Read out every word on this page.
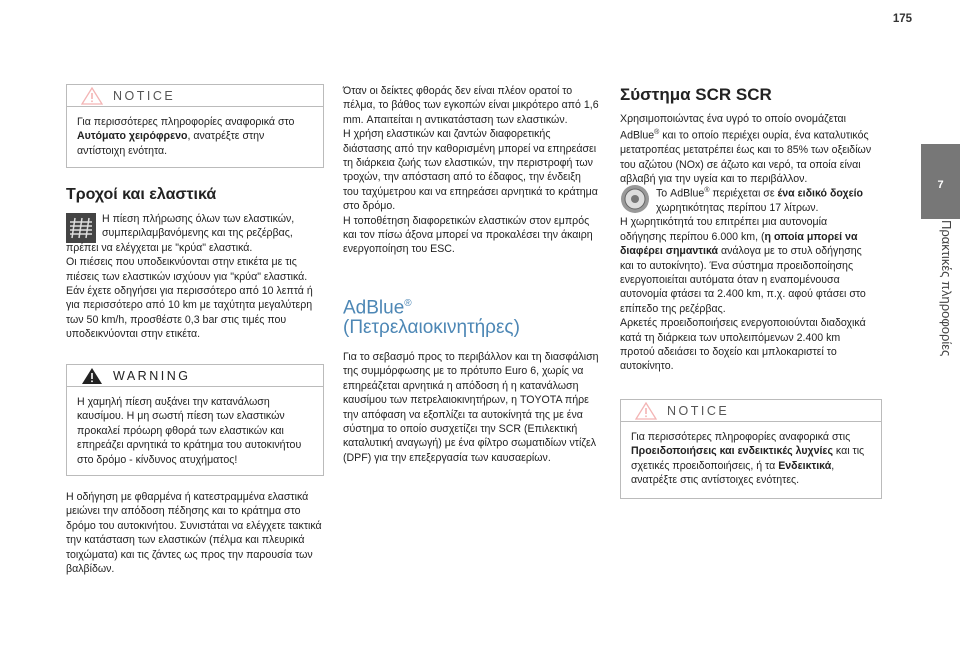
175
7
Πρακτικές πληροφορίες
NOTICE
Για περισσότερες πληροφορίες αναφορικά στο Αυτόματο χειρόφρενο, ανατρέξτε στην αντίστοιχη ενότητα.
Τροχοί και ελαστικά

Η πίεση πλήρωσης όλων των ελαστικών,

συμπεριλαμβανόμενης και της ρεζέρβας,

πρέπει να ελέγχεται με "κρύα" ελαστικά.

Οι πιέσεις που υποδεικνύονται στην ετικέτα με τις

πιέσεις των ελαστικών ισχύουν για "κρύα" ελαστικά.

Εάν έχετε οδηγήσει για περισσότερο από 10 λεπτά ή

για περισσότερο από 10 km με ταχύτητα μεγαλύτερη

των 50 km/h, προσθέστε 0,3 bar στις τιμές που

υποδεικνύονται στην ετικέτα.

WARNING

Η χαμηλή πίεση αυξάνει την κατανάλωση

καυσίμου. Η μη σωστή πίεση των ελαστικών

προκαλεί πρόωρη φθορά των ελαστικών και

επηρεάζει αρνητικά το κράτημα του αυτοκινήτου

στο δρόμο - κίνδυνος ατυχήματος!

Η οδήγηση με φθαρμένα ή κατεστραμμένα ελαστικά

μειώνει την απόδοση πέδησης και το κράτημα στο

δρόμο του αυτοκινήτου. Συνιστάται να ελέγχετε τακτικά

την κατάσταση των ελαστικών (πέλμα και πλευρικά

τοιχώματα) και τις ζάντες ως προς την παρουσία των

βαλβίδων.

Όταν οι δείκτες φθοράς δεν είναι πλέον ορατοί το

πέλμα, το βάθος των εγκοπών είναι μικρότερο από 1,6

mm. Απαιτείται η αντικατάσταση των ελαστικών.

Η χρήση ελαστικών και ζαντών διαφορετικής

διάστασης από την καθορισμένη μπορεί να επηρεάσει

τη διάρκεια ζωής των ελαστικών, την περιστροφή των

τροχών, την απόσταση από το έδαφος, την ένδειξη

του ταχύμετρου και να επηρεάσει αρνητικά το κράτημα

στο δρόμο.

Η τοποθέτηση διαφορετικών ελαστικών στον εμπρός

και τον πίσω άξονα μπορεί να προκαλέσει την άκαιρη

ενεργοποίηση του ESC.

AdBlue®
(Πετρελαιοκινητήρες)

Για το σεβασμό προς το περιβάλλον και τη διασφάλιση

της συμμόρφωσης με το πρότυπο Euro 6, χωρίς να

επηρεάζεται αρνητικά η απόδοση ή η κατανάλωση

καυσίμου των πετρελαιοκινητήρων, η TOYOTA πήρε

την απόφαση να εξοπλίζει τα αυτοκίνητά της με ένα

σύστημα το οποίο συσχετίζει την SCR (Επιλεκτική

καταλυτική αναγωγή) με ένα φίλτρο σωματιδίων ντίζελ

(DPF) για την επεξεργασία των καυσαερίων.

Σύστημα SCR SCR

Χρησιμοποιώντας ένα υγρό το οποίο ονομάζεται

AdBlue® και το οποίο περιέχει ουρία, ένα καταλυτικός

μετατροπέας μετατρέπει έως και το 85% των οξειδίων

του αζώτου (NOx) σε άζωτο και νερό, τα οποία είναι

αβλαβή για την υγεία και το περιβάλλον.

Το AdBlue® περιέχεται σε ένα ειδικό δοχείο

χωρητικότητας περίπου 17 λίτρων.

Η χωρητικότητά του επιτρέπει μια αυτονομία

οδήγησης περίπου 6.000 km, (η οποία μπορεί να

διαφέρει σημαντικά ανάλογα με το στυλ οδήγησης

και το αυτοκίνητο). Ένα σύστημα προειδοποίησης

ενεργοποιείται αυτόματα όταν η εναπομένουσα

αυτονομία φτάσει τα 2.400 km, π.χ. αφού φτάσει στο

επίπεδο της ρεζέρβας.

Αρκετές προειδοποιήσεις ενεργοποιούνται διαδοχικά

κατά τη διάρκεια των υπολειπόμενων 2.400 km

προτού αδειάσει το δοχείο και μπλοκαριστεί το

αυτοκίνητο.

NOTICE

Για περισσότερες πληροφορίες αναφορικά στις

Προειδοποιήσεις και ενδεικτικές λυχνίες και τις

σχετικές προειδοποιήσεις, ή τα Ενδεικτικά,

ανατρέξτε στις αντίστοιχες ενότητες.
